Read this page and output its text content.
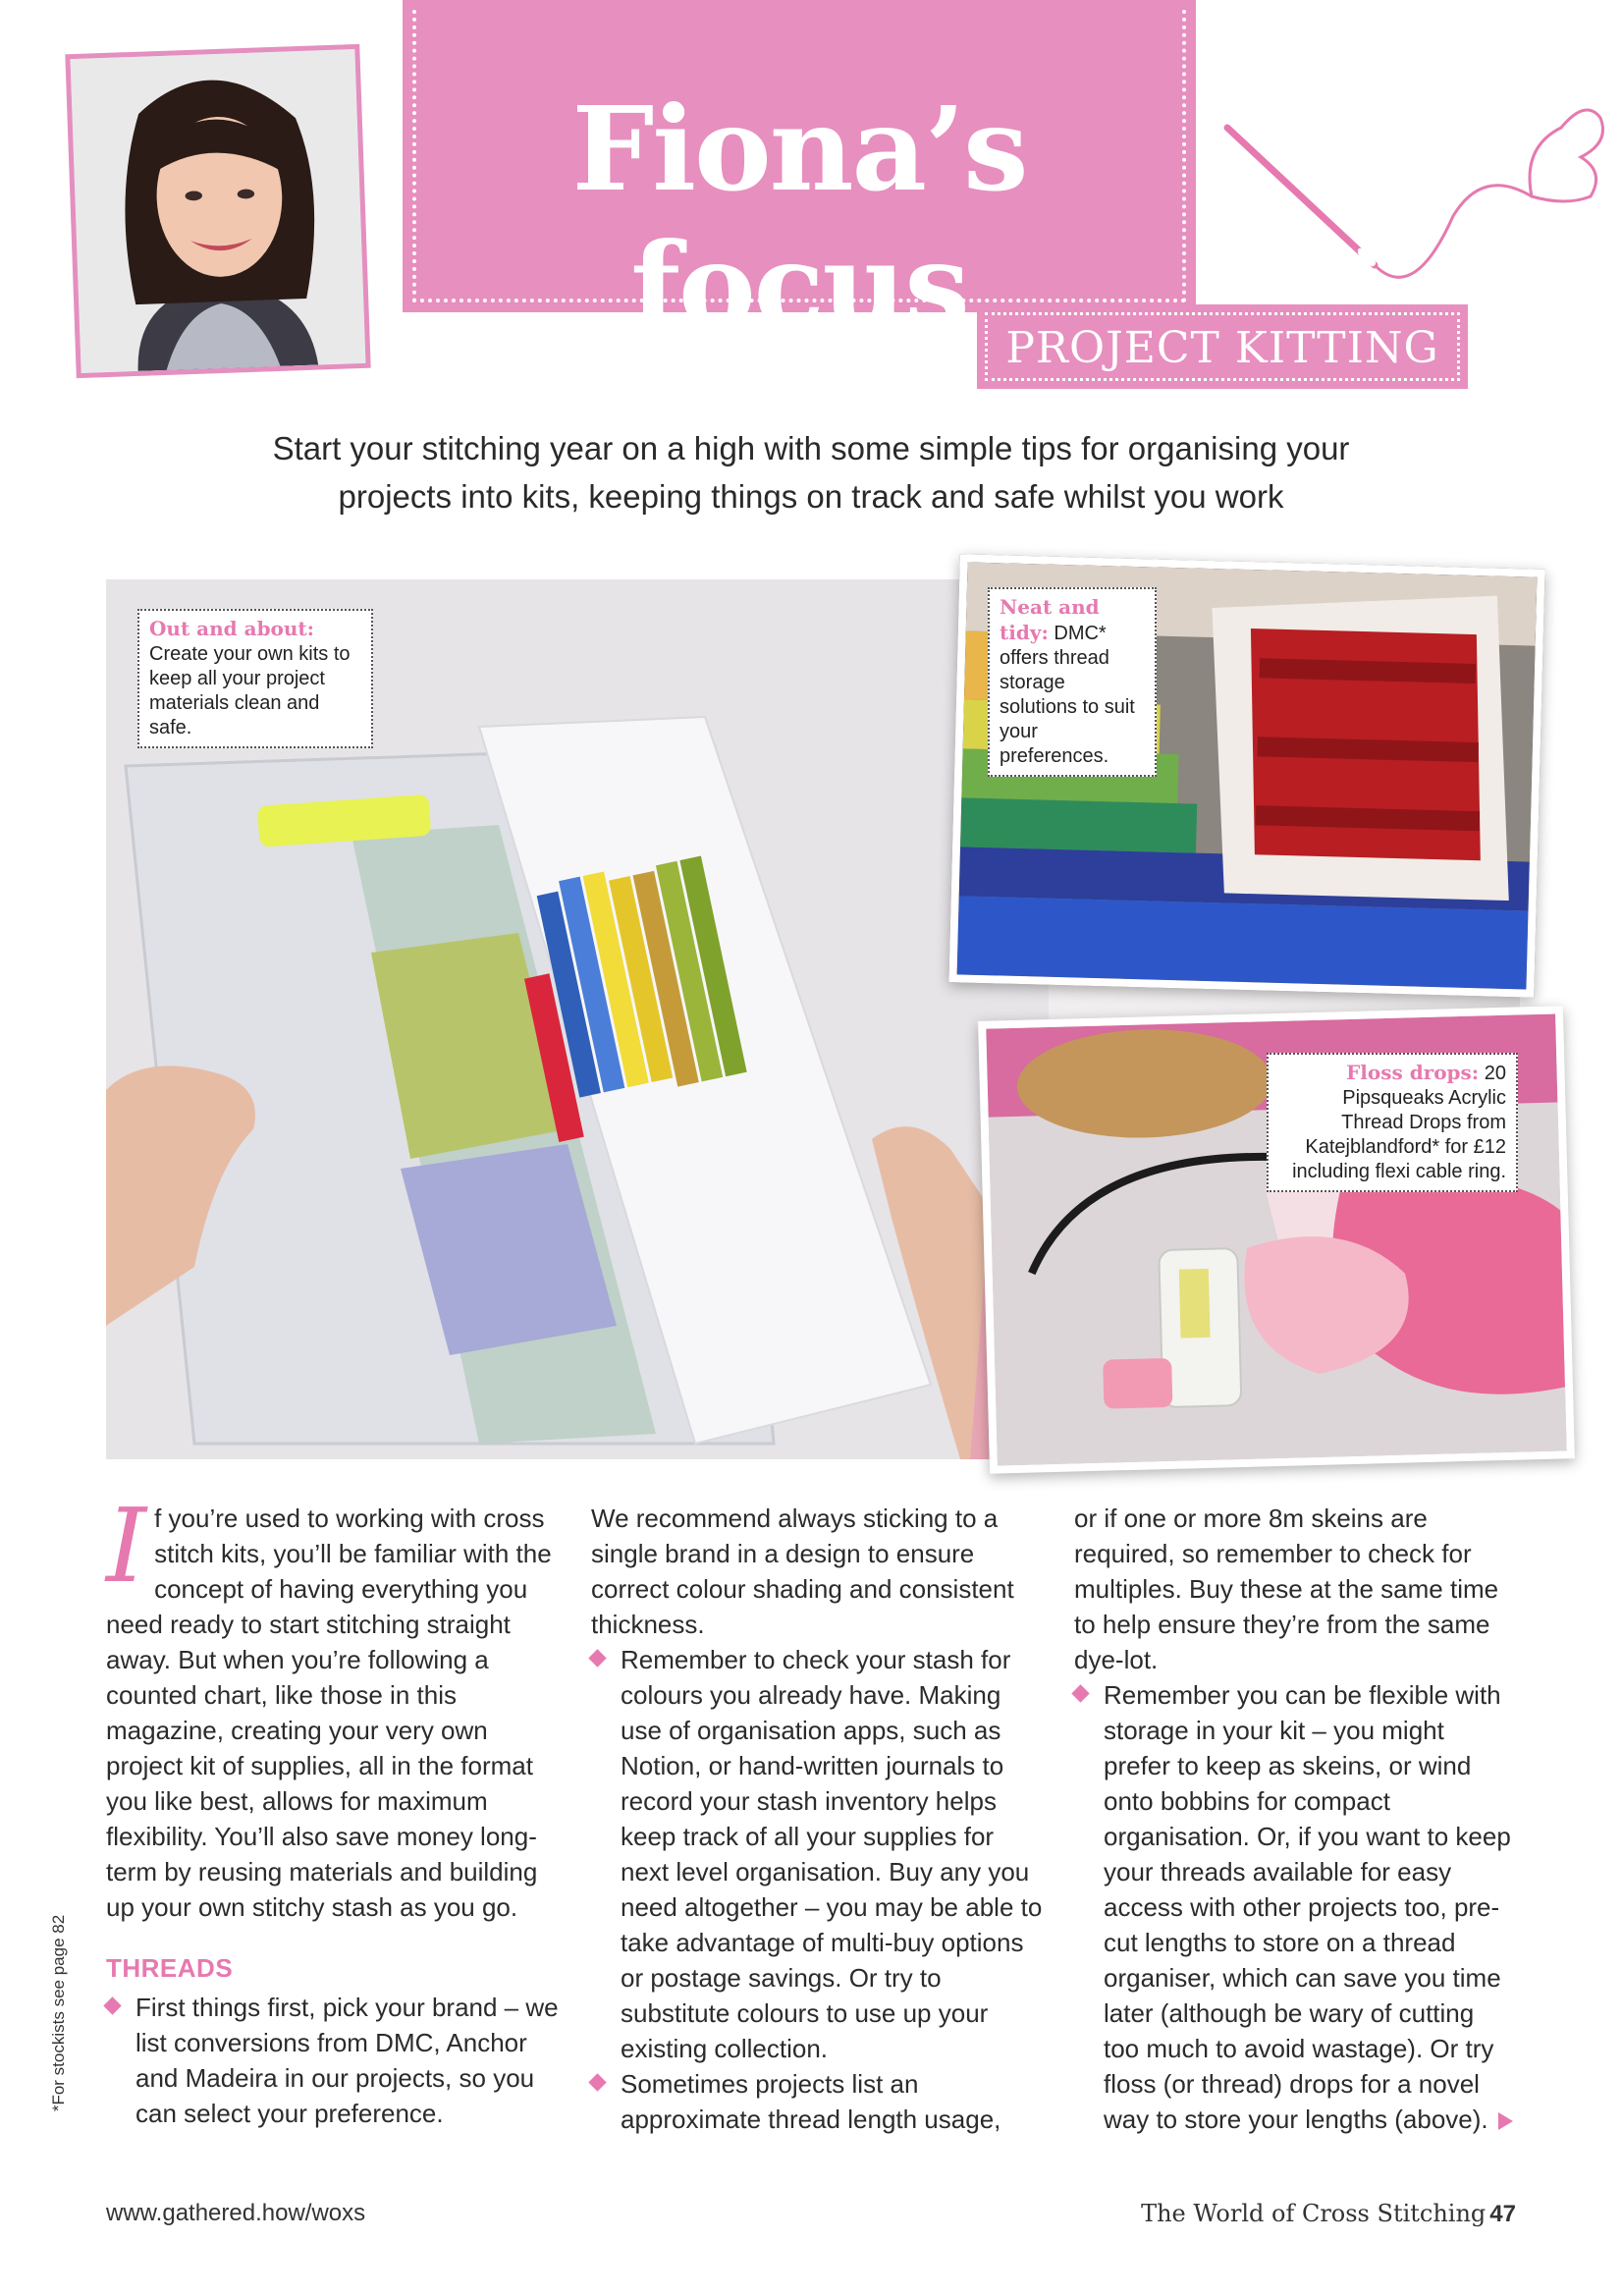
Fiona’s focus PROJECT KITTING
Start your stitching year on a high with some simple tips for organising your projects into kits, keeping things on track and safe whilst you work
Out and about: Create your own kits to keep all your project materials clean and safe.
Neat and tidy: DMC* offers thread storage solutions to suit your preferences.
Floss drops: 20 Pipsqueaks Acrylic Thread Drops from Katejblandford* for £12 including flexi cable ring.

If you’re used to working with cross stitch kits, you’ll be familiar with the concept of having everything you need ready to start stitching straight away. But when you’re following a counted chart, like those in this magazine, creating your very own project kit of supplies, all in the format you like best, allows for maximum flexibility. You’ll also save money long-term by reusing materials and building up your own stitchy stash as you go.

THREADS

First things first, pick your brand – we list conversions from DMC, Anchor and Madeira in our projects, so you can select your preference.

We recommend always sticking to a single brand in a design to ensure correct colour shading and consistent thickness.

Remember to check your stash for colours you already have. Making use of organisation apps, such as Notion, or hand-written journals to record your stash inventory helps keep track of all your supplies for next level organisation. Buy any you need altogether – you may be able to take advantage of multi-buy options or postage savings. Or try to substitute colours to use up your existing collection.

Sometimes projects list an approximate thread length usage,

or if one or more 8m skeins are required, so remember to check for multiples. Buy these at the same time to help ensure they’re from the same dye-lot.

Remember you can be flexible with storage in your kit – you might prefer to keep as skeins, or wind onto bobbins for compact organisation. Or, if you want to keep your threads available for easy access with other projects too, pre-cut lengths to store on a thread organiser, which can save you time later (although be wary of cutting too much to avoid wastage). Or try floss (or thread) drops for a novel way to store your lengths (above).

*For stockists see page 82
www.gathered.how/woxs	The World of Cross Stitching 47
